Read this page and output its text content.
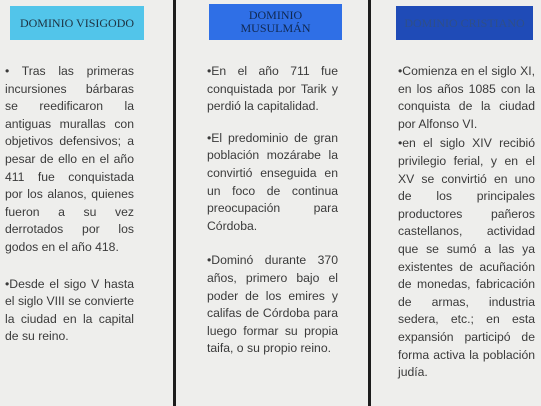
DOMINIO VISIGODO
DOMINIO MUSULMÁN	DOMINIO CRISTIANO

• Tras las primeras incursiones bárbaras se reedificaron la antiguas murallas con objetivos defensivos; a pesar de ello en el año 411 fue conquistada por los alanos, quienes fueron a su vez derrotados por los godos en el año 418.

•Desde el sigo V hasta el siglo VIII se convierte la ciudad en la capital de su reino.

•En el año 711 fue conquistada por Tarik y perdió la capitalidad.

•El predominio de gran población mozárabe la convirtió enseguida en un foco de continua preocupación para Córdoba.

•Dominó durante 370 años, primero bajo el poder de los emires y califas de Córdoba para luego formar su propia taifa, o su propio reino.

•Comienza en el siglo XI, en los años 1085 con la conquista de la ciudad por Alfonso VI.

•en el siglo XIV recibió privilegio ferial, y en el XV se convirtió en uno de los principales productores pañeros castellanos, actividad que se sumó a las ya existentes de acuñación de monedas, fabricación de armas, industria sedera, etc.; en esta expansión participó de forma activa la población judía.
